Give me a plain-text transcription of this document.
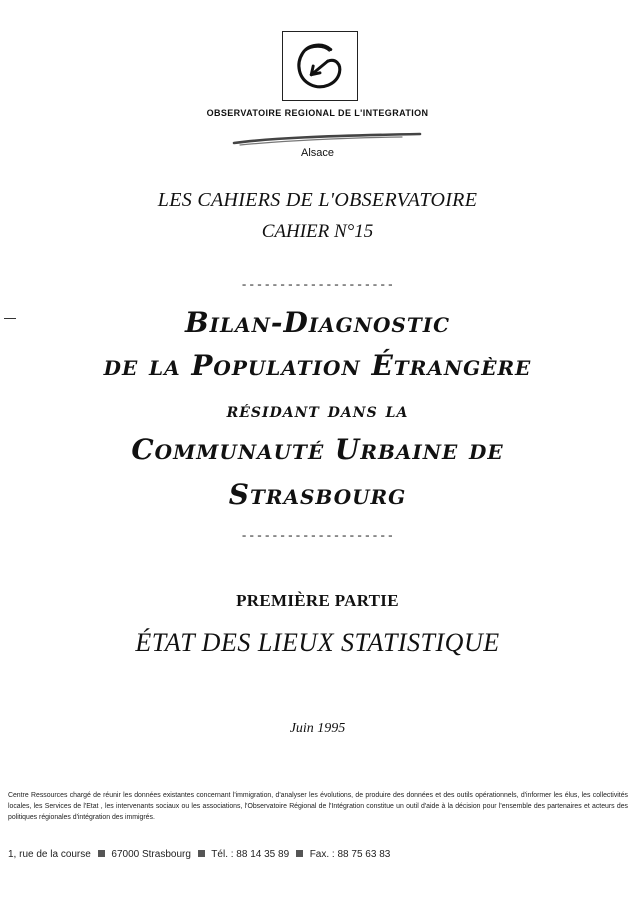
OBSERVATOIRE REGIONAL DE L'INTEGRATION
Alsace
LES CAHIERS DE L'OBSERVATOIRE
CAHIER N°15
--------------------
Bilan-Diagnostic
de la Population Étrangère
résidant dans la
Communauté Urbaine de
Strasbourg
--------------------
PREMIÈRE PARTIE
ÉTAT DES LIEUX STATISTIQUE
Juin 1995
Centre Ressources chargé de réunir les données existantes concernant l'immigration, d'analyser les évolutions, de produire des données et des outils opérationnels, d'informer les élus, les collectivités locales, les Services de l'Etat , les intervenants sociaux ou les associations, l'Observatoire Régional de l'Intégration constitue un outil d'aide à la décision pour l'ensemble des partenaires et acteurs des politiques régionales d'intégration des immigrés.
1, rue de la course 67000 Strasbourg Tél. : 88 14 35 89 Fax. : 88 75 63 83
